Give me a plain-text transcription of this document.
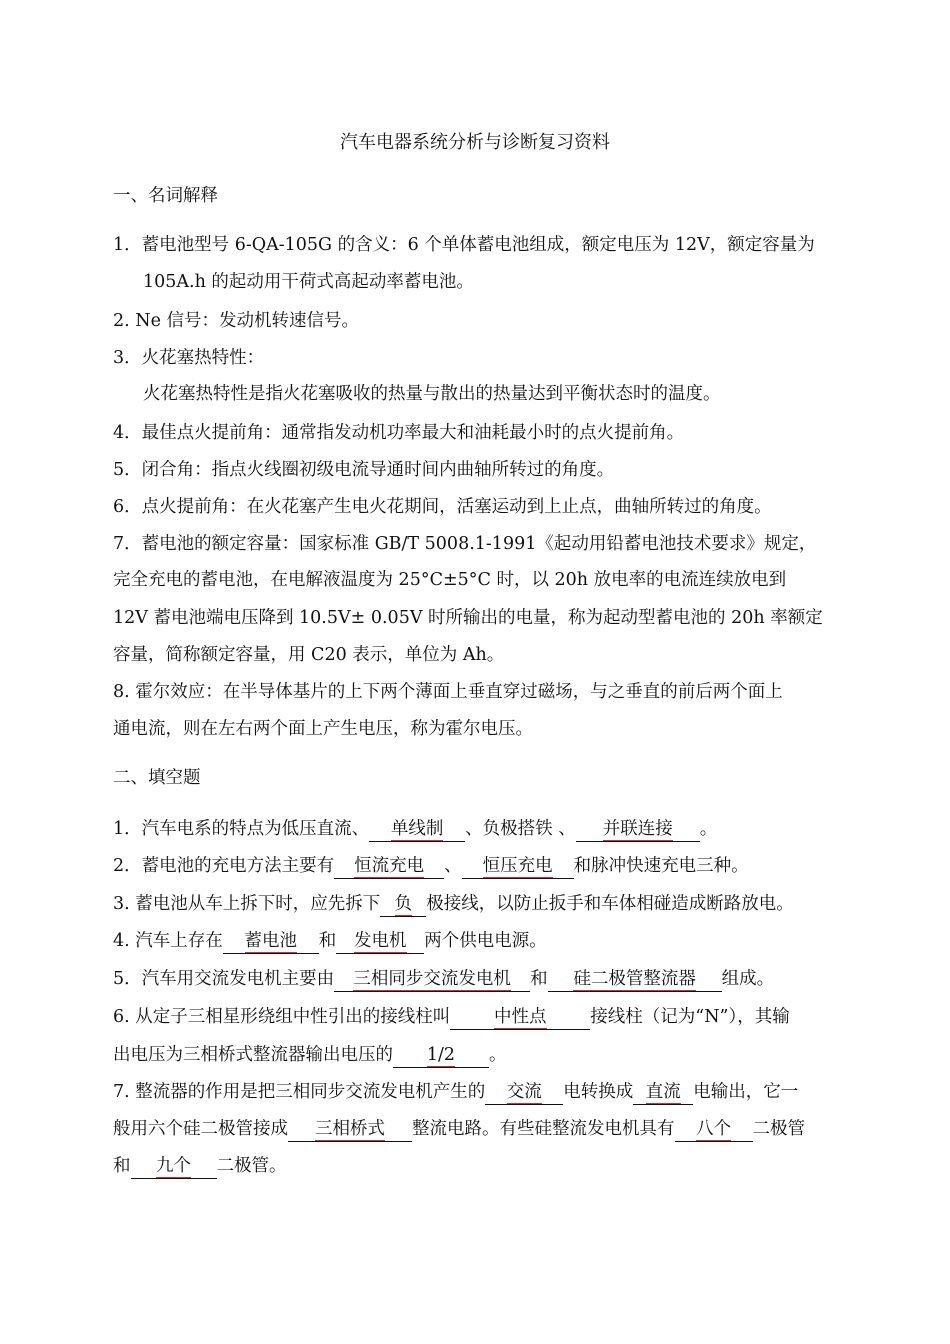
汽车电器系统分析与诊断复习资料
一、名词解释
1．蓄电池型号 6-QA-105G 的含义：6 个单体蓄电池组成，额定电压为 12V，额定容量为
105A.h 的起动用干荷式高起动率蓄电池。
2. Ne 信号：发动机转速信号。
3．火花塞热特性：
火花塞热特性是指火花塞吸收的热量与散出的热量达到平衡状态时的温度。
4．最佳点火提前角：通常指发动机功率最大和油耗最小时的点火提前角。
5．闭合角：指点火线圈初级电流导通时间内曲轴所转过的角度。
6．点火提前角：在火花塞产生电火花期间，活塞运动到上止点，曲轴所转过的角度。
7．蓄电池的额定容量：国家标准 GB/T 5008.1-1991《起动用铅蓄电池技术要求》规定，
完全充电的蓄电池，在电解液温度为 25°C±5°C 时，以 20h 放电率的电流连续放电到
12V 蓄电池端电压降到 10.5V± 0.05V 时所输出的电量，称为起动型蓄电池的 20h 率额定
容量，简称额定容量，用 C20 表示，单位为 Ah。
8. 霍尔效应：在半导体基片的上下两个薄面上垂直穿过磁场，与之垂直的前后两个面上
通电流，则在左右两个面上产生电压，称为霍尔电压。
二、填空题
1．汽车电系的特点为低压直流、 单线制 、负极搭铁 、 并联连接 。
2．蓄电池的充电方法主要有 恒流充电 、 恒压充电 和脉冲快速充电三种。
3. 蓄电池从车上拆下时，应先拆下 负 极接线，以防止扳手和车体相碰造成断路放电。
4. 汽车上存在 蓄电池 和 发电机 两个供电电源。
5．汽车用交流发电机主要由 三相同步交流发电机 和 硅二极管整流器 组成。
6. 从定子三相星形绕组中性引出的接线柱叫	中性点	接线柱（记为“N”），其输
出电压为三相桥式整流器输出电压的 1/2 。
7. 整流器的作用是把三相同步交流发电机产生的 交流 电转换成 直流 电输出，它一
般用六个硅二极管接成 三相桥式 整流电路。有些硅整流发电机具有 八个 二极管
和 九个 二极管。
